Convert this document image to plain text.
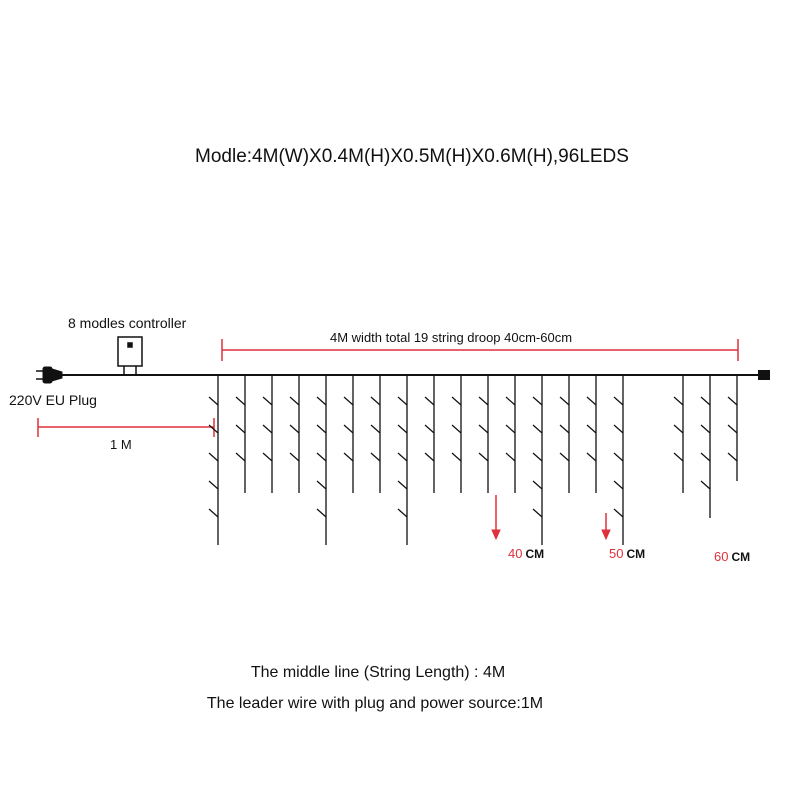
Modle:4M(W)X0.4M(H)X0.5M(H)X0.6M(H),96LEDS
8 modles controller
220V EU Plug
1 M
4M width total 19 string droop 40cm-60cm
40 CM	50 CM	60 CM
The middle line (String Length) : 4M
The leader wire with plug and power source:1M
